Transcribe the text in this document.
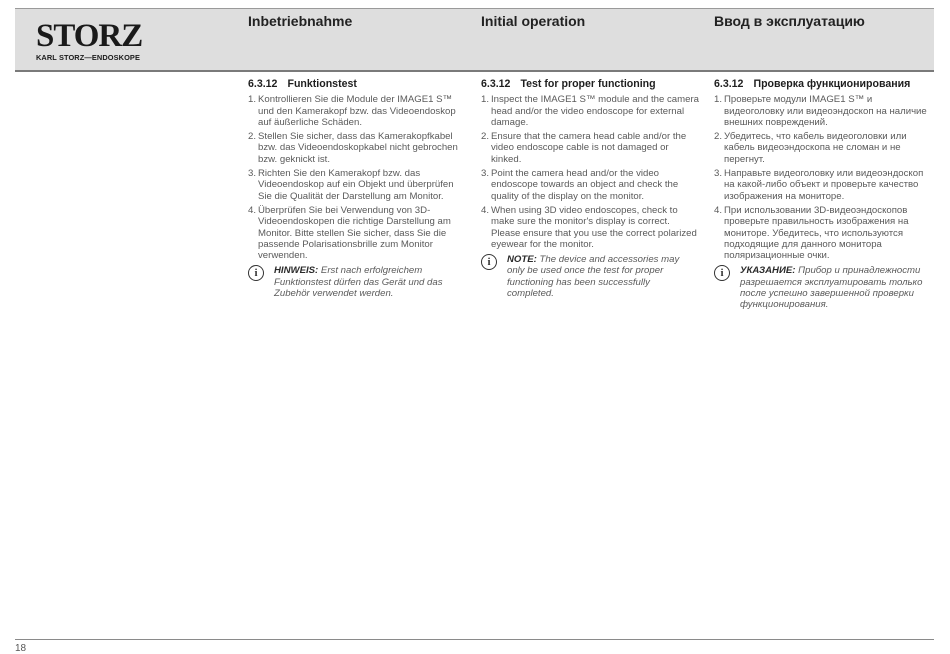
STORZ
KARL STORZ—ENDOSKOPE
Inbetriebnahme	Initial operation	Ввод в эксплуатацию
6.3.12 Funktionstest
1. Kontrollieren Sie die Module der IMAGE1 S™ und den Kamerakopf bzw. das Videoendoskop auf äußerliche Schäden.
2. Stellen Sie sicher, dass das Kamerakopfkabel bzw. das Videoendoskopkabel nicht gebrochen bzw. geknickt ist.
3. Richten Sie den Kamerakopf bzw. das Videoendoskop auf ein Objekt und überprüfen Sie die Qualität der Darstellung am Monitor.
4. Überprüfen Sie bei Verwendung von 3D-Videoendoskopen die richtige Darstellung am Monitor. Bitte stellen Sie sicher, dass Sie die passende Polarisationsbrille zum Monitor verwenden.
i	HINWEIS: Erst nach erfolgreichem Funktionstest dürfen das Gerät und das Zubehör verwendet werden.
6.3.12 Test for proper functioning
1. Inspect the IMAGE1 S™ module and the camera head and/or the video endoscope for external damage.
2. Ensure that the camera head cable and/or the video endoscope cable is not damaged or kinked.
3. Point the camera head and/or the video endoscope towards an object and check the quality of the display on the monitor.
4. When using 3D video endoscopes, check to make sure the monitor's display is correct. Please ensure that you use the correct polarized eyewear for the monitor.
i	NOTE: The device and accessories may only be used once the test for proper functioning has been successfully completed.
6.3.12 Проверка функционирования
1. Проверьте модули IMAGE1 S™ и видеоголовку или видеоэндоскоп на наличие внешних повреждений.
2. Убедитесь, что кабель видеоголовки или кабель видеоэндоскопа не сломан и не перегнут.
3. Направьте видеоголовку или видеоэндоскоп на какой-либо объект и проверьте качество изображения на мониторе.
4. При использовании 3D-видеоэндоскопов проверьте правильность изображения на мониторе. Убедитесь, что используются подходящие для данного монитора поляризационные очки.
i	УКАЗАНИЕ: Прибор и принадлежности разрешается эксплуатировать только после успешно завершенной проверки функционирования.
18
